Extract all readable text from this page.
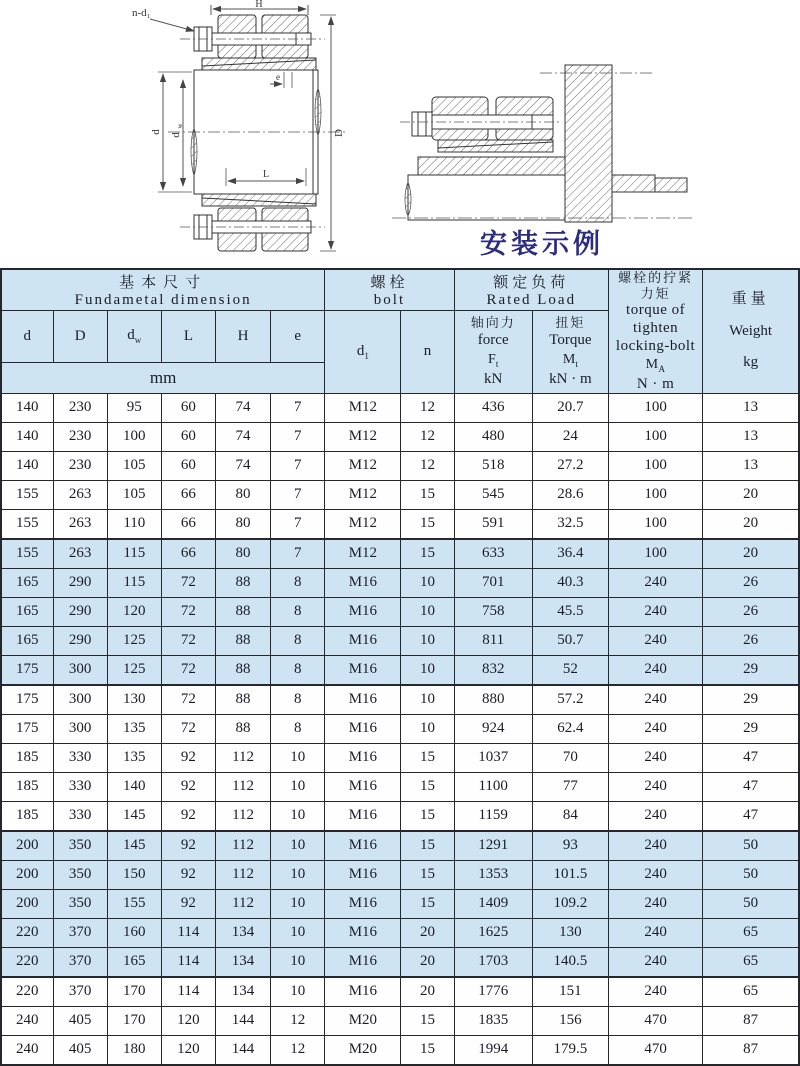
H
n-d₁
e
d
d
w
D
L
安装示例
基本尺寸
Fundametal dimension

螺栓
bolt

额定负荷
Rated Load

螺栓的拧紧
力矩
torque of
tighten
locking-bolt
$M_A$
N · m

重量
Weight
kg

d	D	$d_w$	L	H	e	$d_1$	n	
轴向力
force
$F_t$
kN

扭矩
Torque
$M_t$
kN · m

mm											
140	230	95	60	74	7	M12	12	436	20.7	100	13
140	230	100	60	74	7	M12	12	480	24	100	13
140	230	105	60	74	7	M12	12	518	27.2	100	13
155	263	105	66	80	7	M12	15	545	28.6	100	20
155	263	110	66	80	7	M12	15	591	32.5	100	20
155	263	115	66	80	7	M12	15	633	36.4	100	20
165	290	115	72	88	8	M16	10	701	40.3	240	26
165	290	120	72	88	8	M16	10	758	45.5	240	26
165	290	125	72	88	8	M16	10	811	50.7	240	26
175	300	125	72	88	8	M16	10	832	52	240	29
175	300	130	72	88	8	M16	10	880	57.2	240	29
175	300	135	72	88	8	M16	10	924	62.4	240	29
185	330	135	92	112	10	M16	15	1037	70	240	47
185	330	140	92	112	10	M16	15	1100	77	240	47
185	330	145	92	112	10	M16	15	1159	84	240	47
200	350	145	92	112	10	M16	15	1291	93	240	50
200	350	150	92	112	10	M16	15	1353	101.5	240	50
200	350	155	92	112	10	M16	15	1409	109.2	240	50
220	370	160	114	134	10	M16	20	1625	130	240	65
220	370	165	114	134	10	M16	20	1703	140.5	240	65
220	370	170	114	134	10	M16	20	1776	151	240	65
240	405	170	120	144	12	M20	15	1835	156	470	87
240	405	180	120	144	12	M20	15	1994	179.5	470	87
